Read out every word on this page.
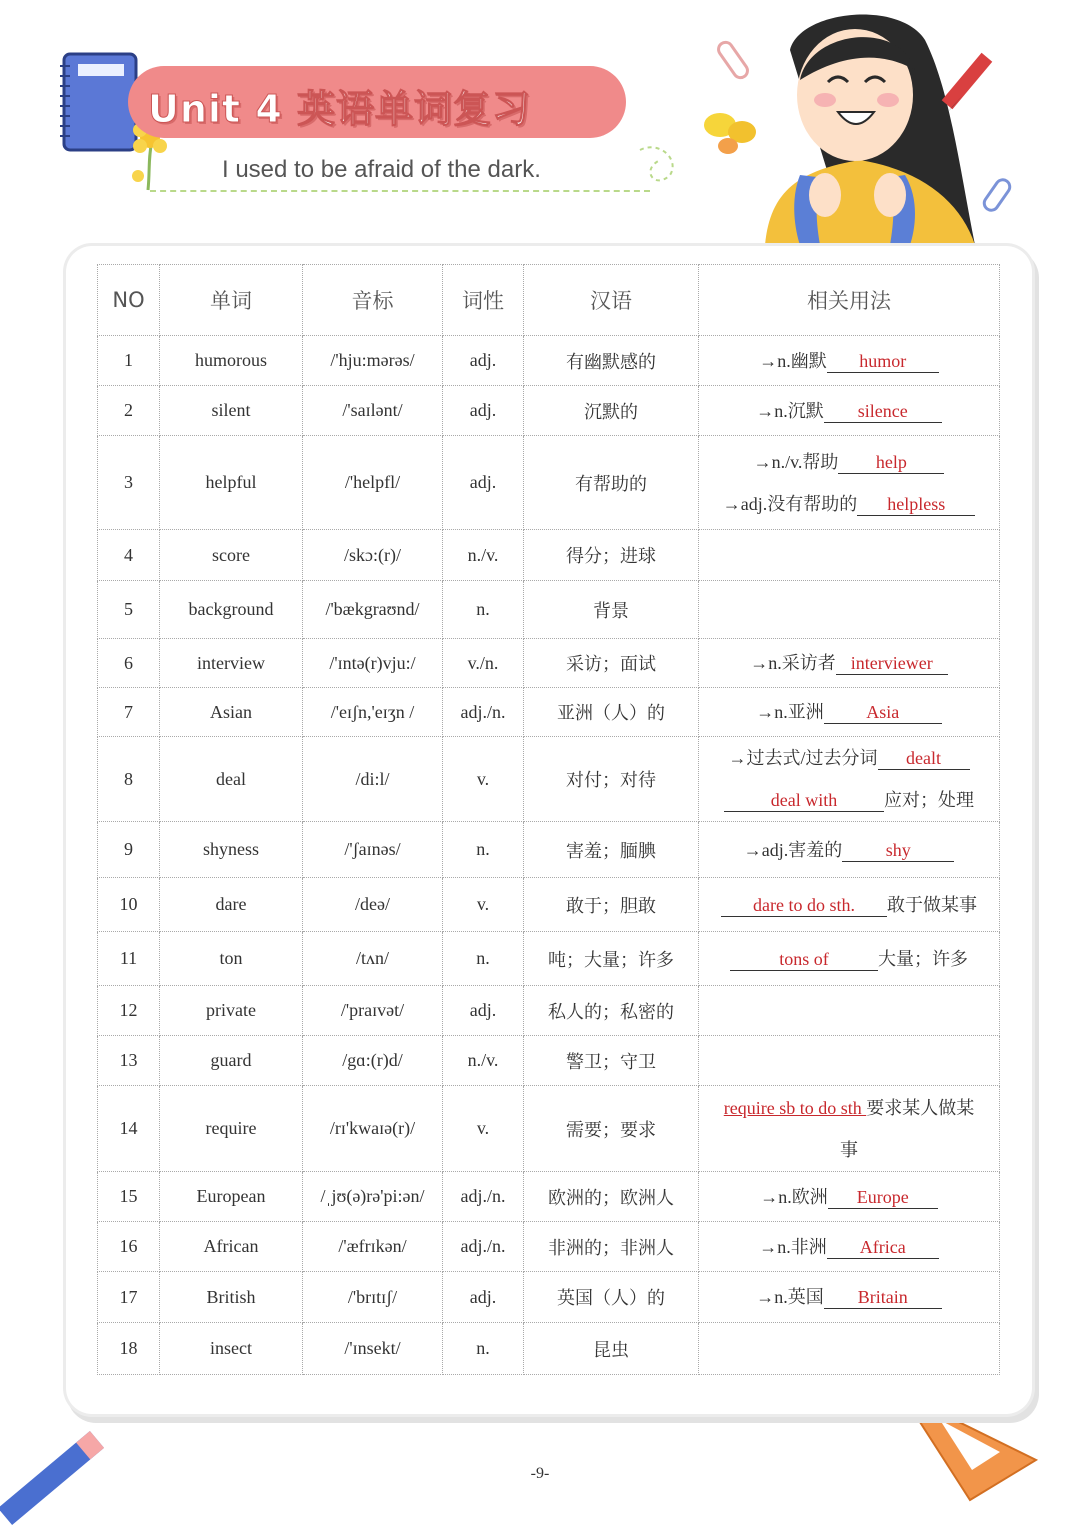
Unit 4 英语单词复习
I used to be afraid of the dark.
NO	单词	音标	词性	汉语	相关用法
1	humorous	/'hju:mərəs/	adj.	有幽默感的	→n.幽默 humor

2	silent	/'saɪlənt/	adj.	沉默的	→n.沉默 silence

3	helpful	/'helpfl/	adj.	有帮助的	→n./v.帮助 help
→adj.没有帮助的 helpless

4	score	/skɔ:(r)/	n./v.	得分；进球	
5	background	/'bækgraʊnd/	n.	背景	
6	interview	/'ɪntə(r)vju:/	v./n.	采访；面试	→n.采访者 interviewer

7	Asian	/'eɪʃn,'eɪʒn /	adj./n.	亚洲（人）的	→n.亚洲 Asia

8	deal	/di:l/	v.	对付；对待	→过去式/过去分词 dealt
deal with 应对；处理

9	shyness	/'ʃaɪnəs/	n.	害羞；腼腆	→adj.害羞的 shy

10	dare	/deə/	v.	敢于；胆敢	dare to do sth. 敢于做某事

11	ton	/tʌn/	n.	吨；大量；许多	tons of 大量；许多

12	private	/'praɪvət/	adj.	私人的；私密的	
13	guard	/gɑ:(r)d/	n./v.	警卫；守卫	
14	require	/rɪ'kwaɪə(r)/	v.	需要；要求	require sb to do sth 要求某人做某
事

15	European	/ˌjʊ(ə)rə'pi:ən/	adj./n.	欧洲的；欧洲人	→n.欧洲 Europe

16	African	/'æfrɪkən/	adj./n.	非洲的；非洲人	→n.非洲 Africa

17	British	/'brɪtɪʃ/	adj.	英国（人）的	→n.英国 Britain

18	insect	/'ɪnsekt/	n.	昆虫	
-9-
